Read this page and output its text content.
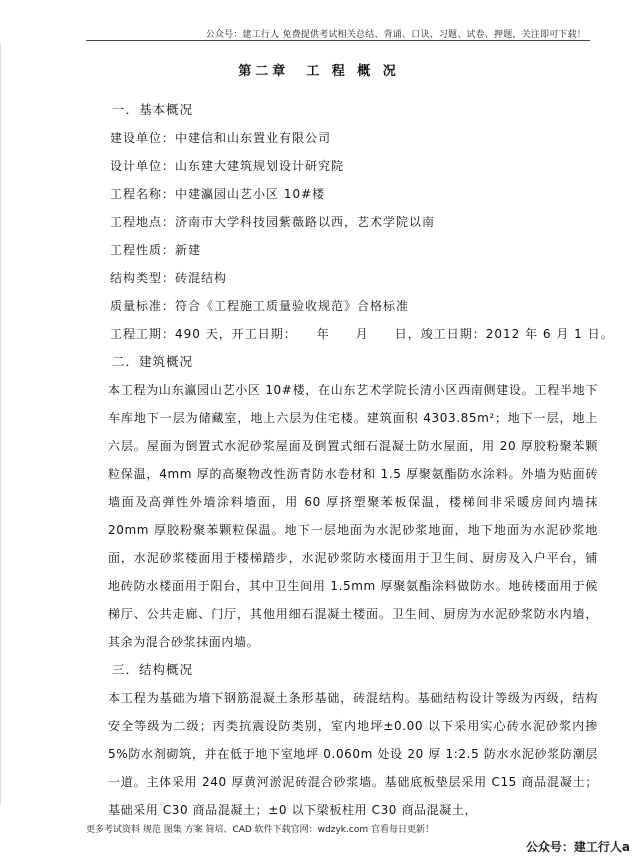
公众号：建工行人 免费提供考试相关总结、背诵、口诀、习题、试卷、押题，关注即可下载！
第二章　工 程 概 况
一．基本概况
建设单位：中建信和山东置业有限公司
设计单位：山东建大建筑规划设计研究院
工程名称：中建瀛园山艺小区 10#楼
工程地点：济南市大学科技园紫薇路以西，艺术学院以南
工程性质：新建
结构类型：砖混结构
质量标准：符合《工程施工质量验收规范》合格标准
工程工期：490 天，开工日期：　　年　　月　　日，竣工日期：2012 年 6 月 1 日。
二．建筑概况

本工程为山东瀛园山艺小区 10#楼，在山东艺术学院长清小区西南侧建设。工程半地下车库地下一层为储藏室，地上六层为住宅楼。建筑面积 4303.85m²；地下一层，地上六层。屋面为倒置式水泥砂浆屋面及倒置式细石混凝土防水屋面，用 20 厚胶粉聚苯颗粒保温，4mm 厚的高聚物改性沥青防水卷材和 1.5 厚聚氨酯防水涂料。外墙为贴面砖墙面及高弹性外墙涂料墙面，用 60 厚挤塑聚苯板保温，楼梯间非采暖房间内墙抹 20mm 厚胶粉聚苯颗粒保温。地下一层地面为水泥砂浆地面，地下地面为水泥砂浆地面，水泥砂浆楼面用于楼梯踏步，水泥砂浆防水楼面用于卫生间、厨房及入户平台，铺地砖防水楼面用于阳台，其中卫生间用 1.5mm 厚聚氨酯涂料做防水。地砖楼面用于候梯厅、公共走廊、门厅，其他用细石混凝土楼面。卫生间、厨房为水泥砂浆防水内墙，其余为混合砂浆抹面内墙。

三．结构概况

本工程为基础为墙下钢筋混凝土条形基础，砖混结构。基础结构设计等级为丙级，结构安全等级为二级；丙类抗震设防类别，室内地坪±0.00 以下采用实心砖水泥砂浆内掺 5%防水剂砌筑，并在低于地下室地坪 0.060m 处设 20 厚 1:2.5 防水水泥砂浆防潮层一道。主体采用 240 厚黄河淤泥砖混合砂浆墙。基础底板垫层采用 C15 商品混凝土；基础采用 C30 商品混凝土；±0 以下梁板柱用 C30 商品混凝土，

更多考试资料 规范 图集 方案 简培、CAD 软件下载官网：wdzyk.com 官看每日更新！
公众号：建工行人a
